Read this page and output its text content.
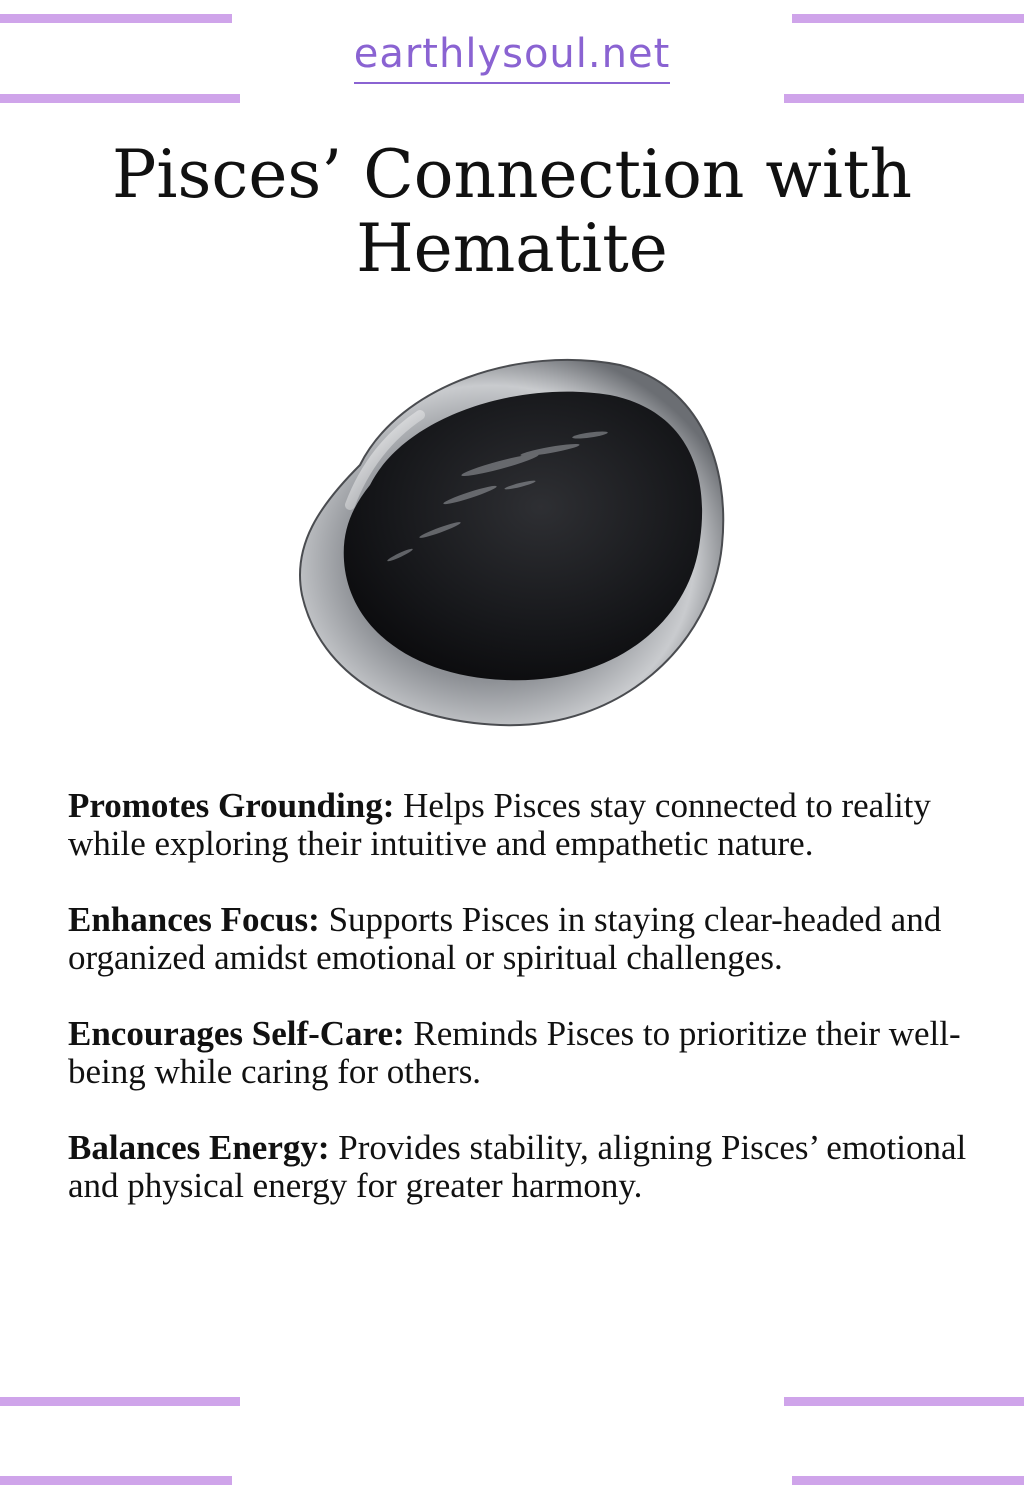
earthlysoul.net
Pisces’ Connection with Hematite

Promotes Grounding: Helps Pisces stay connected to reality while exploring their intuitive and empathetic nature.

Enhances Focus: Supports Pisces in staying clear-headed and organized amidst emotional or spiritual challenges.

Encourages Self-Care: Reminds Pisces to prioritize their well-being while caring for others.

Balances Energy: Provides stability, aligning Pisces’ emotional and physical energy for greater harmony.
